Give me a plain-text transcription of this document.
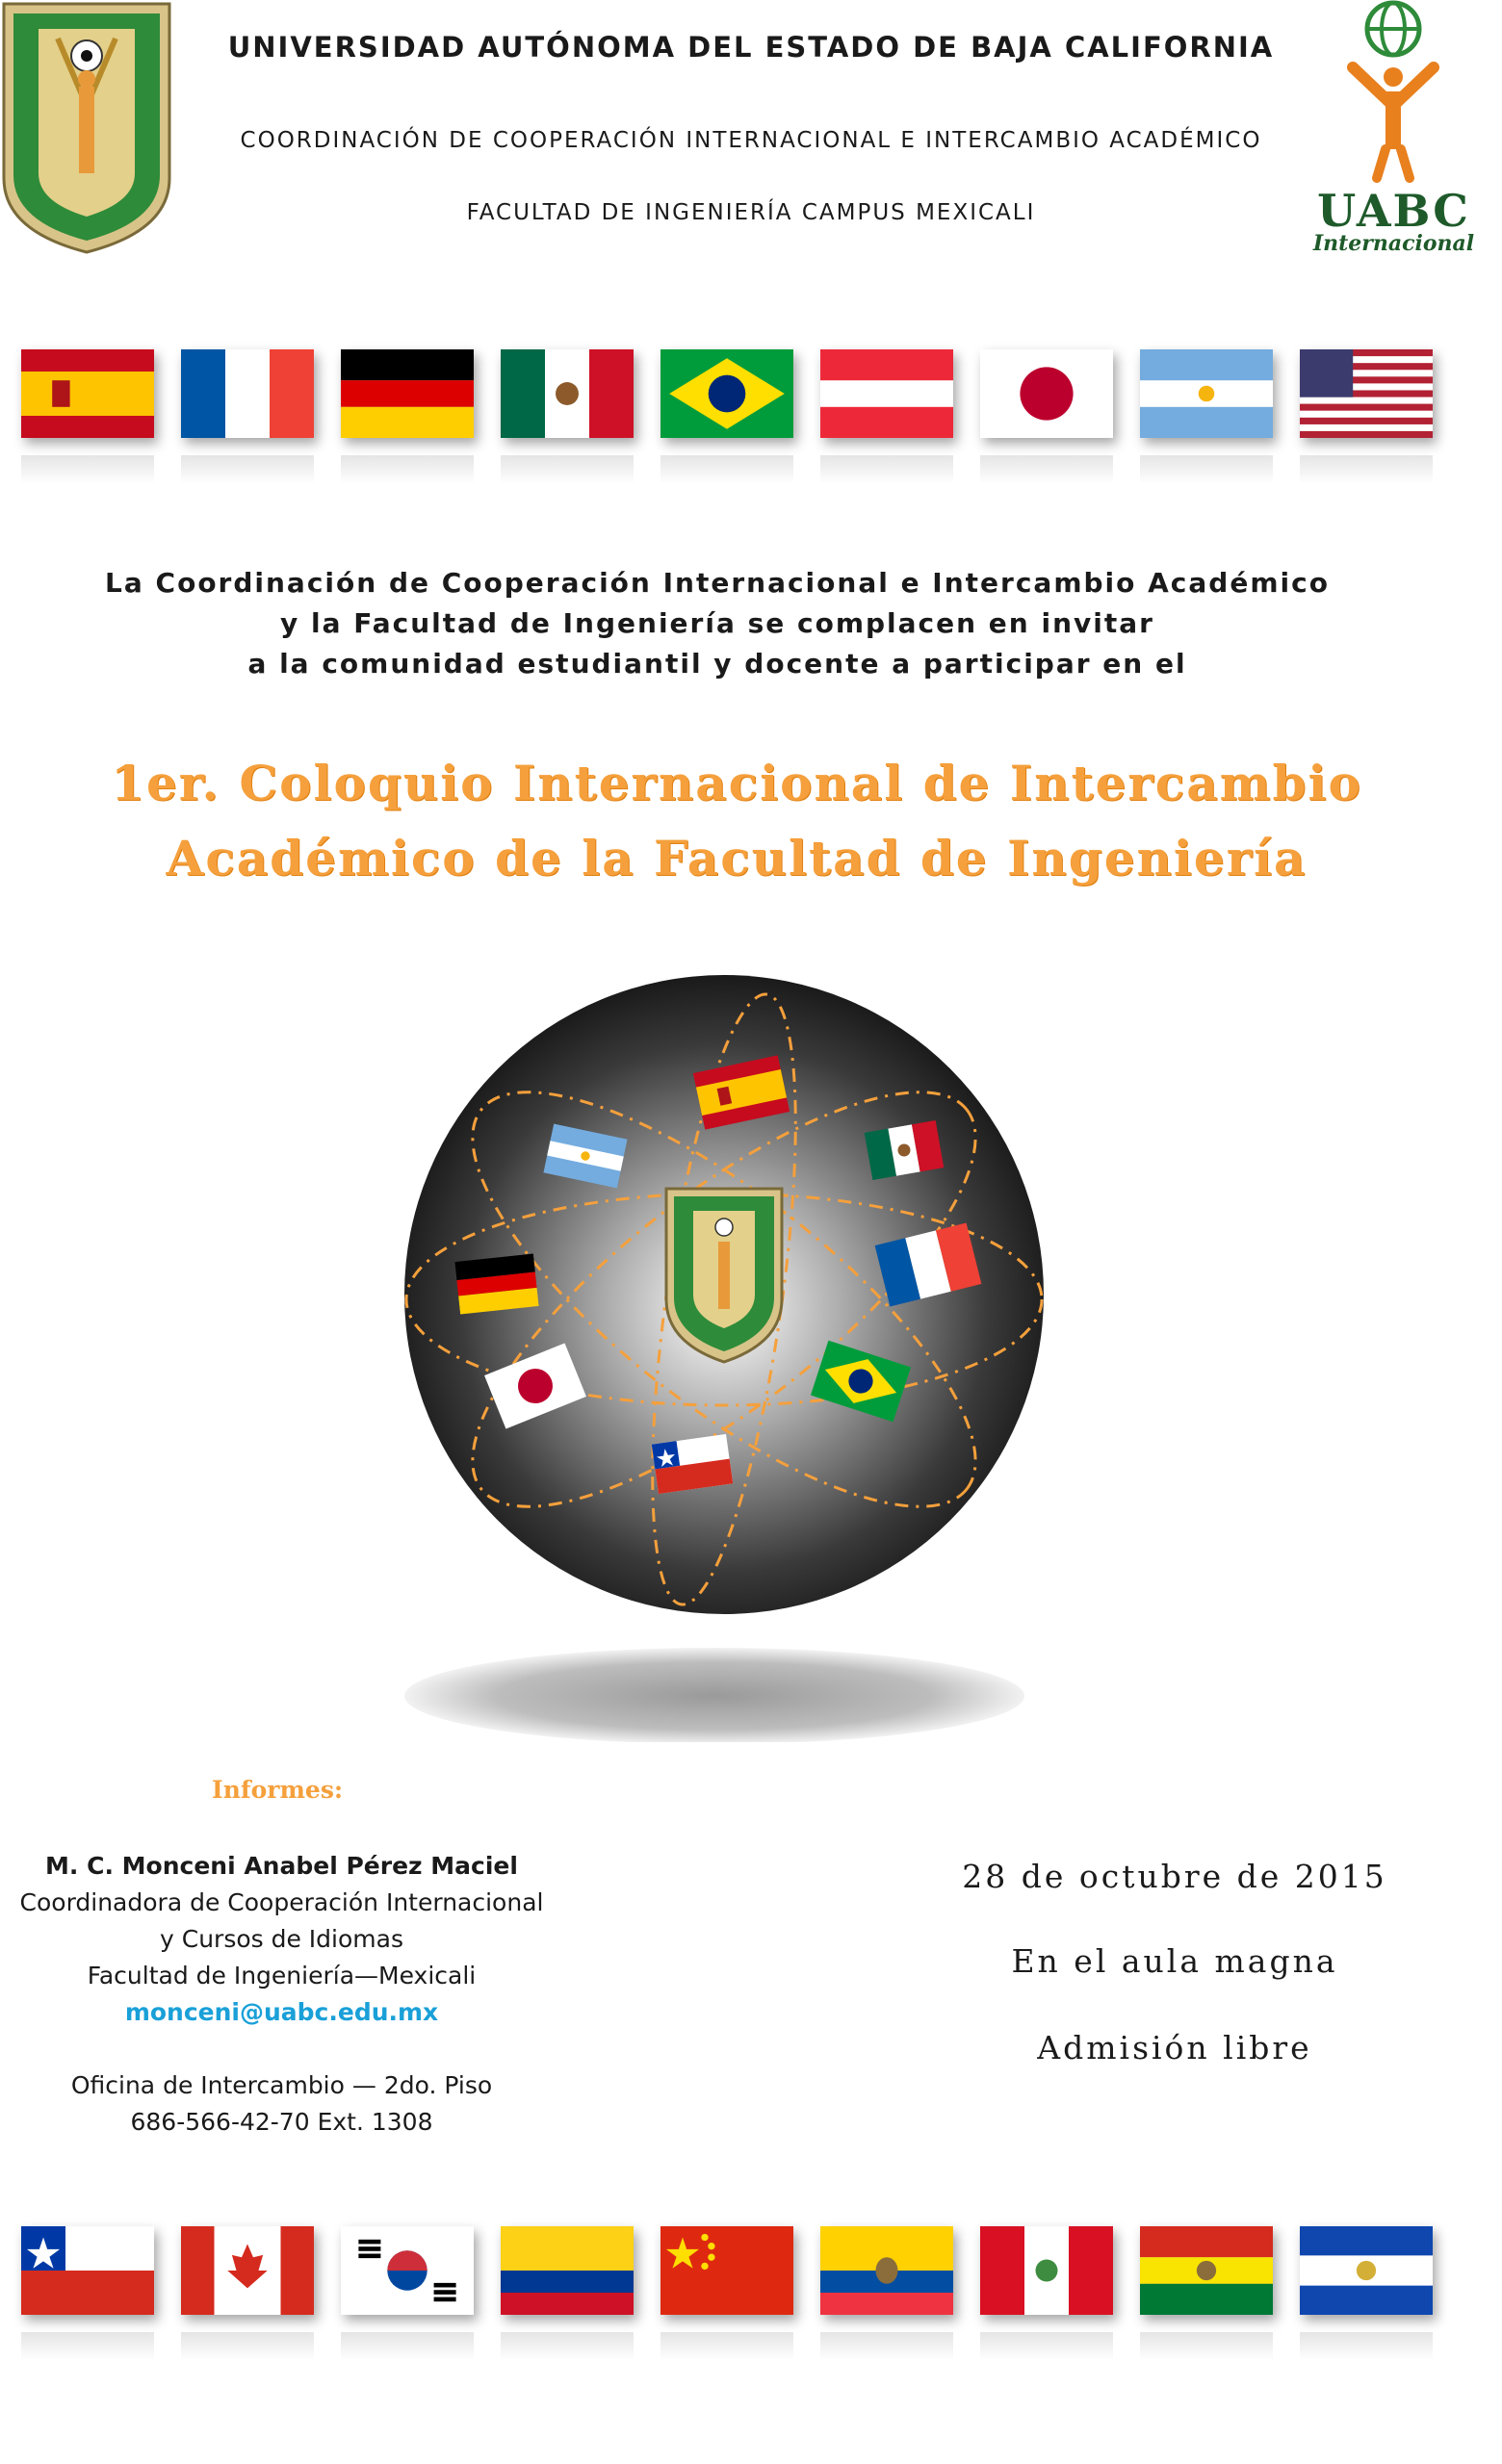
UNIVERSIDAD AUTÓNOMA DEL ESTADO DE BAJA CALIFORNIA
COORDINACIÓN DE COOPERACIÓN INTERNACIONAL E INTERCAMBIO ACADÉMICO
FACULTAD DE INGENIERÍA CAMPUS MEXICALI	UABC
Internacional
La Coordinación de Cooperación Internacional e Intercambio Académico
y la Facultad de Ingeniería se complacen en invitar
a la comunidad estudiantil y docente a participar en el
1er. Coloquio Internacional de Intercambio
Académico de la Facultad de Ingeniería
Informes:
M. C. Monceni Anabel Pérez Maciel
Coordinadora de Cooperación Internacional
y Cursos de Idiomas
Facultad de Ingeniería—Mexicali
monceni@uabc.edu.mx
Oficina de Intercambio — 2do. Piso
686-566-42-70 Ext. 1308
28 de octubre de 2015
En el aula magna
Admisión libre
